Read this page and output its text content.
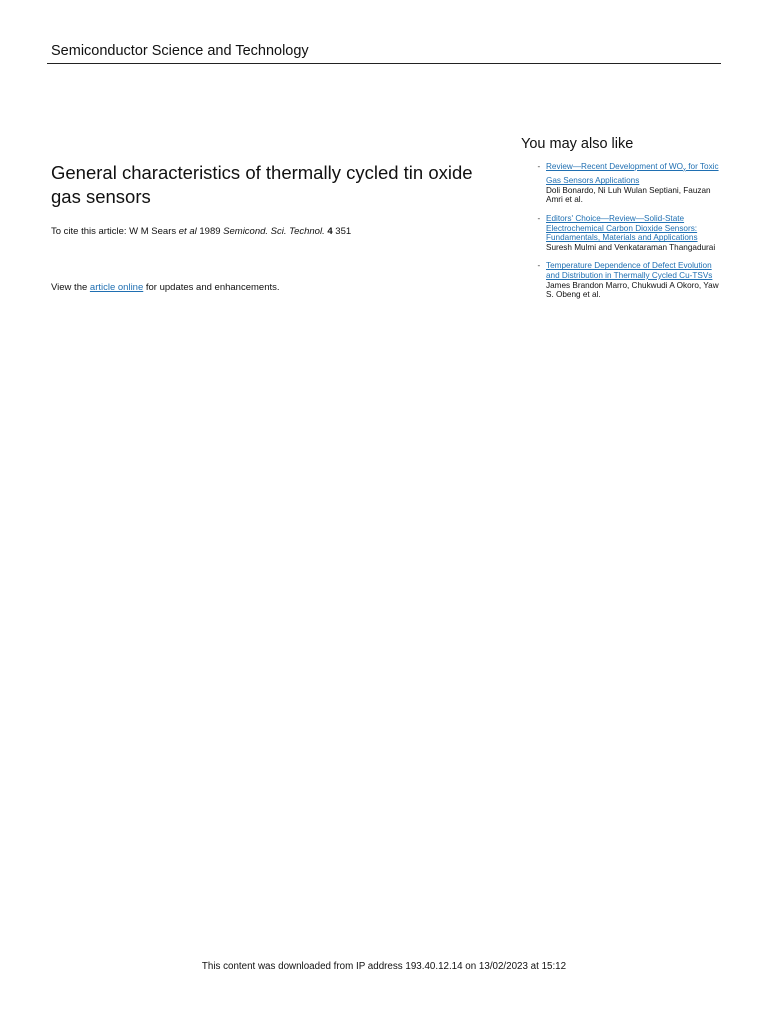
Semiconductor Science and Technology
General characteristics of thermally cycled tin oxide gas sensors
To cite this article: W M Sears et al 1989 Semicond. Sci. Technol. 4 351
View the article online for updates and enhancements.
You may also like
- Review—Recent Development of $WO_x$ for Toxic Gas Sensors Applications
Doli Bonardo, Ni Luh Wulan Septiani, Fauzan Amri et al.
- Editors' Choice—Review—Solid-State Electrochemical Carbon Dioxide Sensors: Fundamentals, Materials and Applications
Suresh Mulmi and Venkataraman Thangadurai
- Temperature Dependence of Defect Evolution and Distribution in Thermally Cycled Cu-TSVs
James Brandon Marro, Chukwudi A Okoro, Yaw S. Obeng et al.
This content was downloaded from IP address 193.40.12.14 on 13/02/2023 at 15:12
